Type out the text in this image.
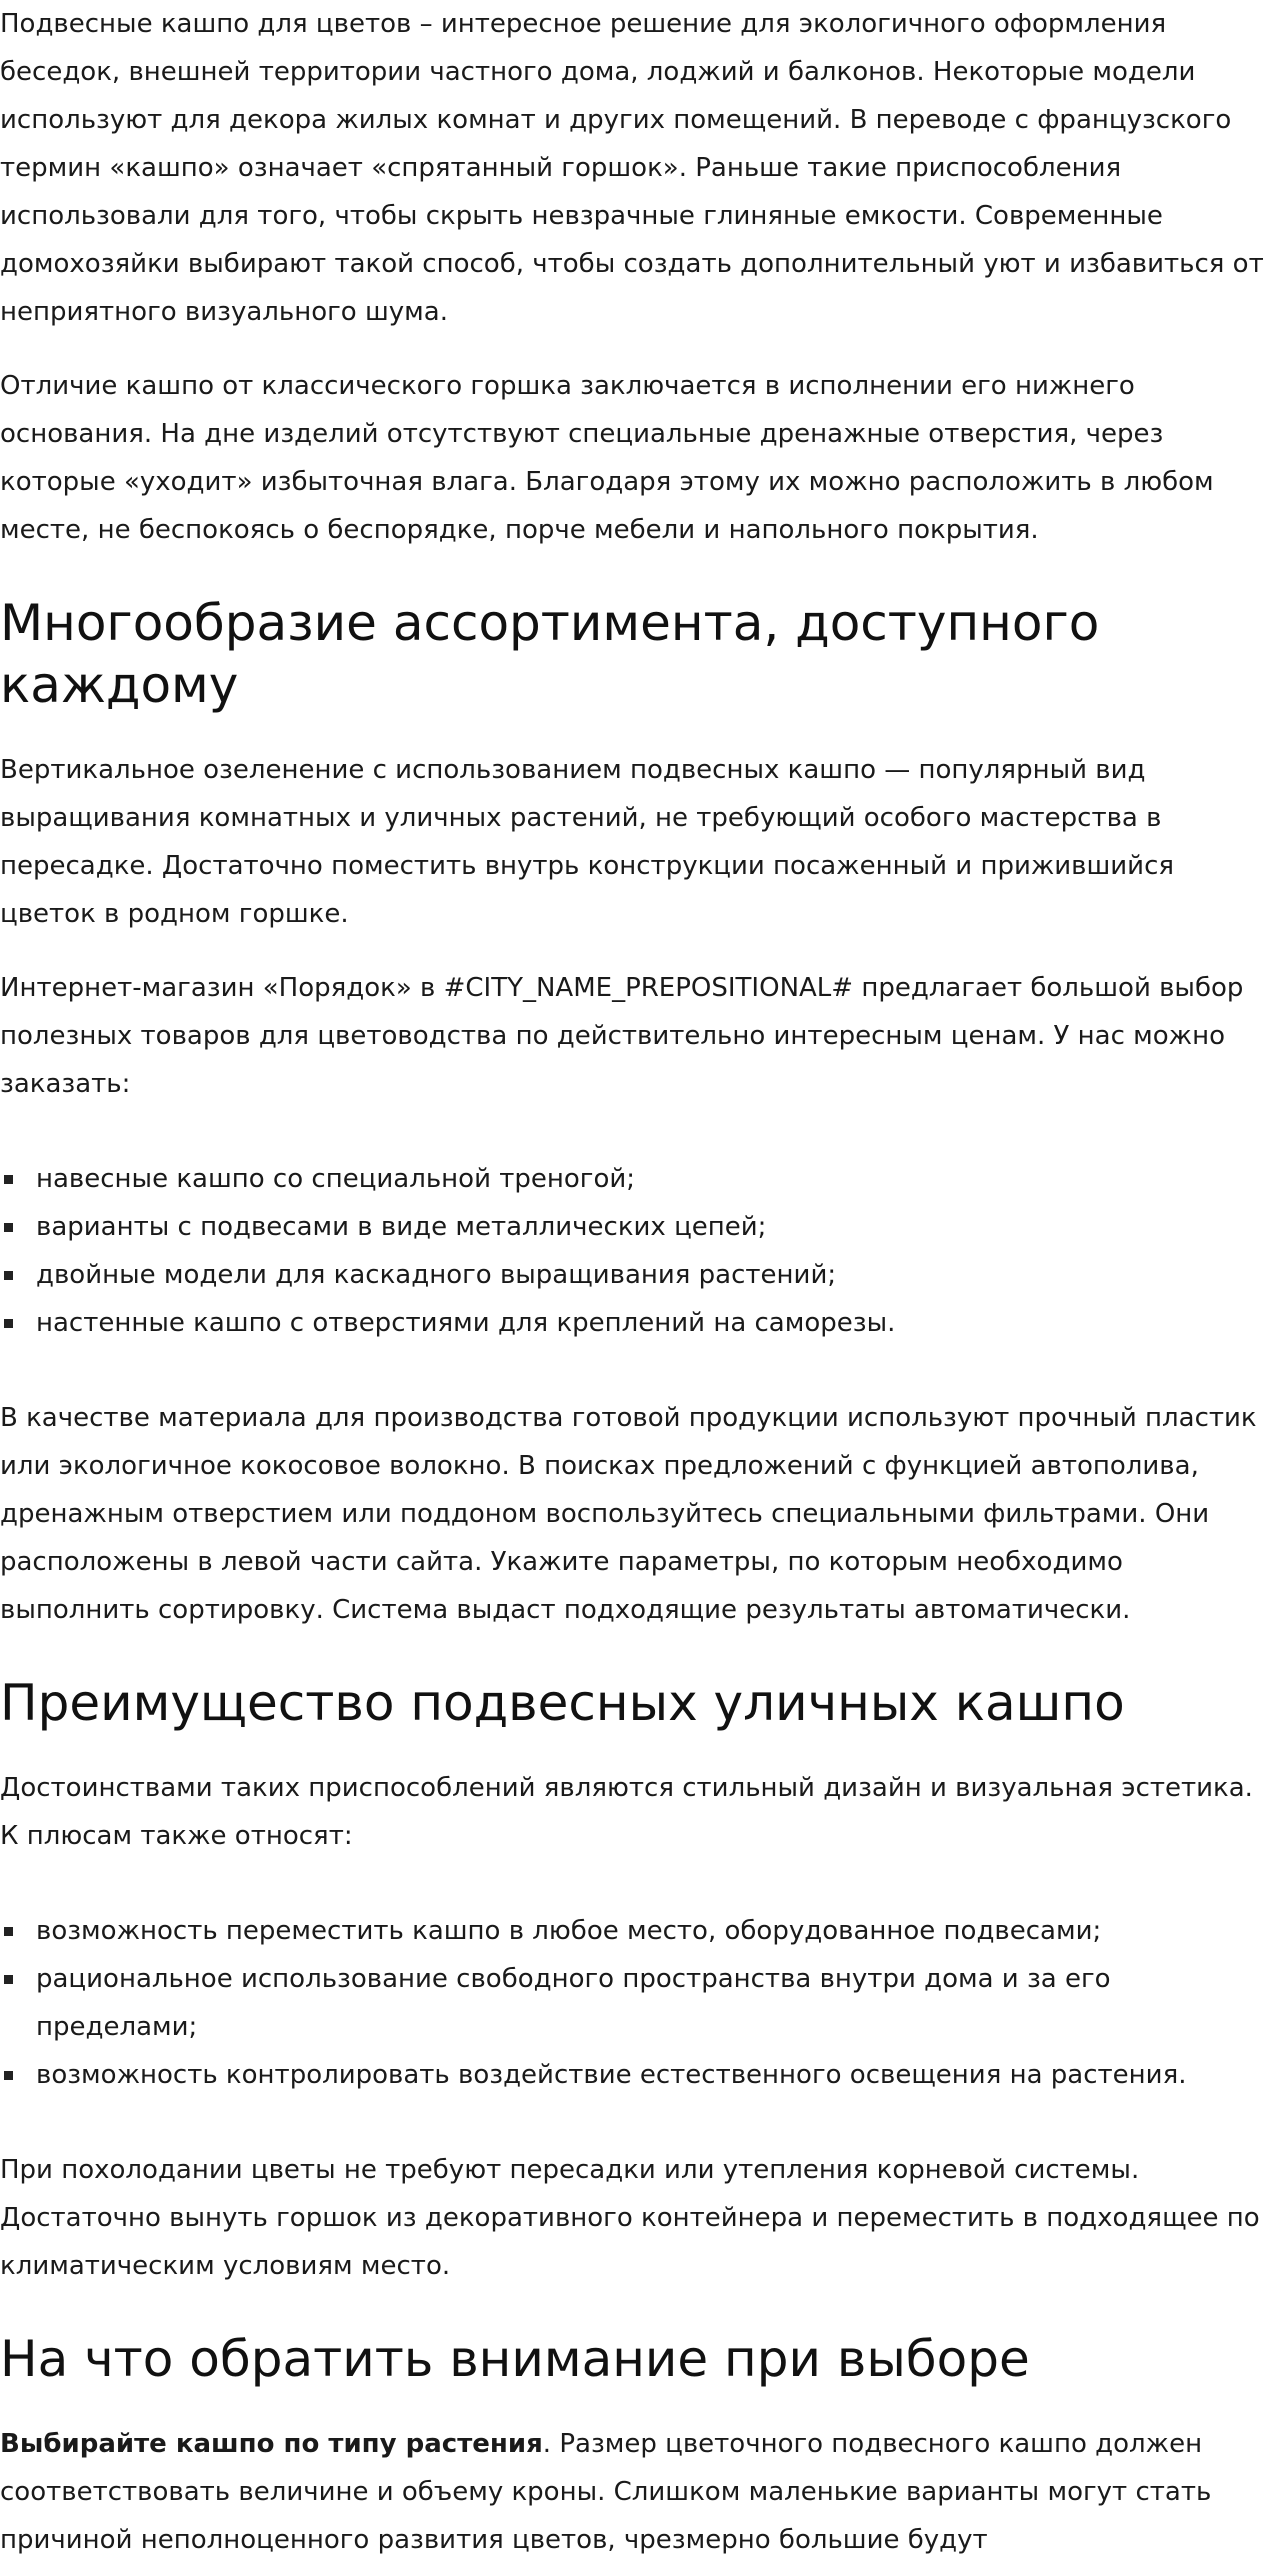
Подвесные кашпо для цветов – интересное решение для экологичного оформления беседок, внешней территории частного дома, лоджий и балконов. Некоторые модели используют для декора жилых комнат и других помещений. В переводе с французского термин «кашпо» означает «спрятанный горшок». Раньше такие приспособления использовали для того, чтобы скрыть невзрачные глиняные емкости. Современные домохозяйки выбирают такой способ, чтобы создать дополнительный уют и избавиться от неприятного визуального шума.

Отличие кашпо от классического горшка заключается в исполнении его нижнего основания. На дне изделий отсутствуют специальные дренажные отверстия, через которые «уходит» избыточная влага. Благодаря этому их можно расположить в любом месте, не беспокоясь о беспорядке, порче мебели и напольного покрытия.

Многообразие ассортимента, доступного каждому

Вертикальное озеленение с использованием подвесных кашпо — популярный вид выращивания комнатных и уличных растений, не требующий особого мастерства в пересадке. Достаточно поместить внутрь конструкции посаженный и прижившийся цветок в родном горшке.

Интернет-магазин «Порядок» в #CITY_NAME_PREPOSITIONAL# предлагает большой выбор полезных товаров для цветоводства по действительно интересным ценам. У нас можно заказать:

навесные кашпо со специальной треногой;
варианты с подвесами в виде металлических цепей;
двойные модели для каскадного выращивания растений;
настенные кашпо с отверстиями для креплений на саморезы.

В качестве материала для производства готовой продукции используют прочный пластик или экологичное кокосовое волокно. В поисках предложений с функцией автополива, дренажным отверстием или поддоном воспользуйтесь специальными фильтрами. Они расположены в левой части сайта. Укажите параметры, по которым необходимо выполнить сортировку. Система выдаст подходящие результаты автоматически.

Преимущество подвесных уличных кашпо

Достоинствами таких приспособлений являются стильный дизайн и визуальная эстетика. К плюсам также относят:

возможность переместить кашпо в любое место, оборудованное подвесами;
рациональное использование свободного пространства внутри дома и за его пределами;
возможность контролировать воздействие естественного освещения на растения.

При похолодании цветы не требуют пересадки или утепления корневой системы. Достаточно вынуть горшок из декоративного контейнера и переместить в подходящее по климатическим условиям место.

На что обратить внимание при выборе

Выбирайте кашпо по типу растения. Размер цветочного подвесного кашпо должен соответствовать величине и объему кроны. Слишком маленькие варианты могут стать причиной неполноценного развития цветов, чрезмерно большие будут
